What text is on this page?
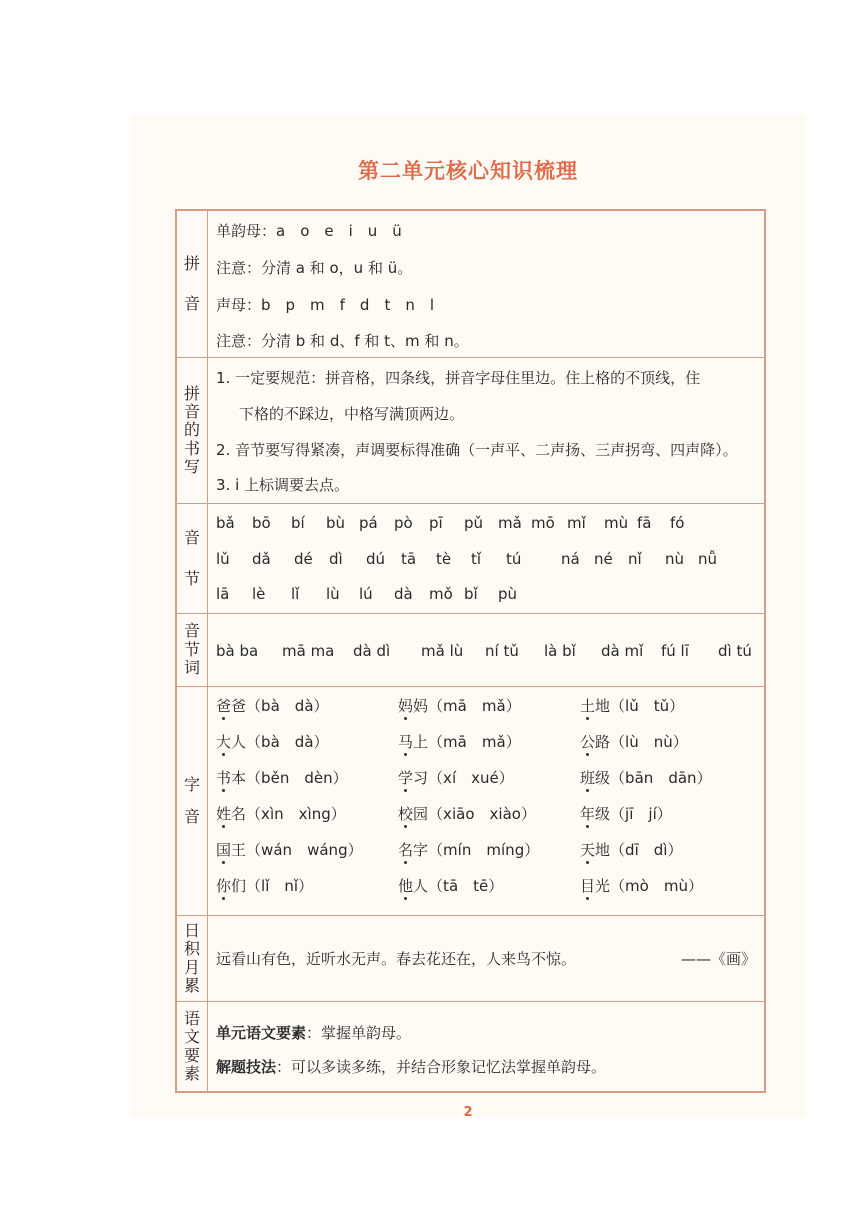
第二单元核心知识梳理
拼
音
单韵母：a　o　e　i　u　ü
注意：分清 a 和 o，u 和 ü。
声母：b　p　m　f　d　t　n　l
注意：分清 b 和 d、f 和 t、m 和 n。
拼
音
的
书
写
1. 一定要规范：拼音格，四条线，拼音字母住里边。住上格的不顶线，住
下格的不踩边，中格写满顶两边。
2. 音节要写得紧凑，声调要标得准确（一声平、二声扬、三声拐弯、四声降）。
3. i 上标调要去点。
音
节
bǎ bō bí bù pá pò pī pǔ mǎ mō mǐ mù fā fó
lǔ dǎ dé dì dú tā tè tǐ tú	ná né nǐ nù nǚ
lā lè lǐ lù lú dà mǒ bǐ pù
音
节
词
bà ba mā ma dà dì mǎ lù ní tǔ là bǐ dà mǐ fú lī dì tú
字
音
爸爸（bà　 dà）
大人（bà　 dà）
书本（běn　 dèn）
姓名（xìn　 xìng）
国王（wán　 wáng）
你们（lǐ　 nǐ）
妈妈（mā　 mǎ）
马上（mā　 mǎ）
学习（xí　 xué）
校园（xiāo　 xiào）
名字（mín　 míng）
他人（tā　 tē）
土地（lǔ　 tǔ）
公路（lù　 nù）
班级（bān　 dān）
年级（jī　 jí）
天地（dī　 dì）
目光（mò　 mù）
日
积
月
累
远看山有色，近听水无声。春去花还在，人来鸟不惊。	——《画》
语
文
要
素
单元语文要素：掌握单韵母。
解题技法：可以多读多练，并结合形象记忆法掌握单韵母。
2
